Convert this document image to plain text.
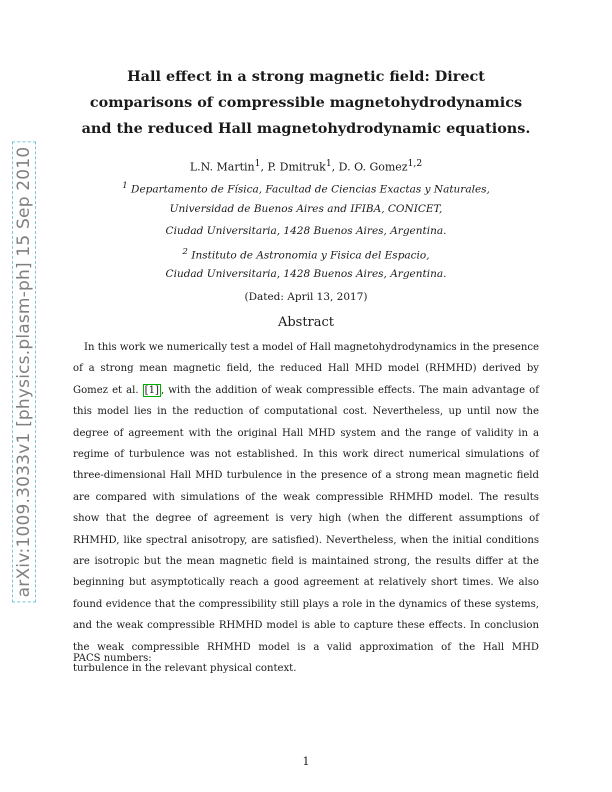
arXiv:1009.3033v1 [physics.plasm-ph] 15 Sep 2010
Hall effect in a strong magnetic field: Direct comparisons of compressible magnetohydrodynamics and the reduced Hall magnetohydrodynamic equations.
L.N. Martin$^1$, P. Dmitruk$^1$, D. O. Gomez$^{1,2}$
$^1$ Departamento de Física, Facultad de Ciencias Exactas y Naturales,
Universidad de Buenos Aires and IFIBA, CONICET,
Ciudad Universitaria, 1428 Buenos Aires, Argentina.
$^2$ Instituto de Astronomia y Fisica del Espacio,
Ciudad Universitaria, 1428 Buenos Aires, Argentina.
(Dated: April 13, 2017)
Abstract

In this work we numerically test a model of Hall magnetohydrodynamics in the presence of a strong mean magnetic field, the reduced Hall MHD model (RHMHD) derived by Gomez et al. [1] , with the addition of weak compressible effects. The main advantage of this model lies in the reduction of computational cost. Nevertheless, up until now the degree of agreement with the original Hall MHD system and the range of validity in a regime of turbulence was not established. In this work direct numerical simulations of three-dimensional Hall MHD turbulence in the presence of a strong mean magnetic field are compared with simulations of the weak compressible RHMHD model. The results show that the degree of agreement is very high (when the different assumptions of RHMHD, like spectral anisotropy, are satisfied). Nevertheless, when the initial conditions are isotropic but the mean magnetic field is maintained strong, the results differ at the beginning but asymptotically reach a good agreement at relatively short times. We also found evidence that the compressibility still plays a role in the dynamics of these systems, and the weak compressible RHMHD model is able to capture these effects. In conclusion the weak compressible RHMHD model is a valid approximation of the Hall MHD turbulence in the relevant physical context.

PACS numbers:
1
